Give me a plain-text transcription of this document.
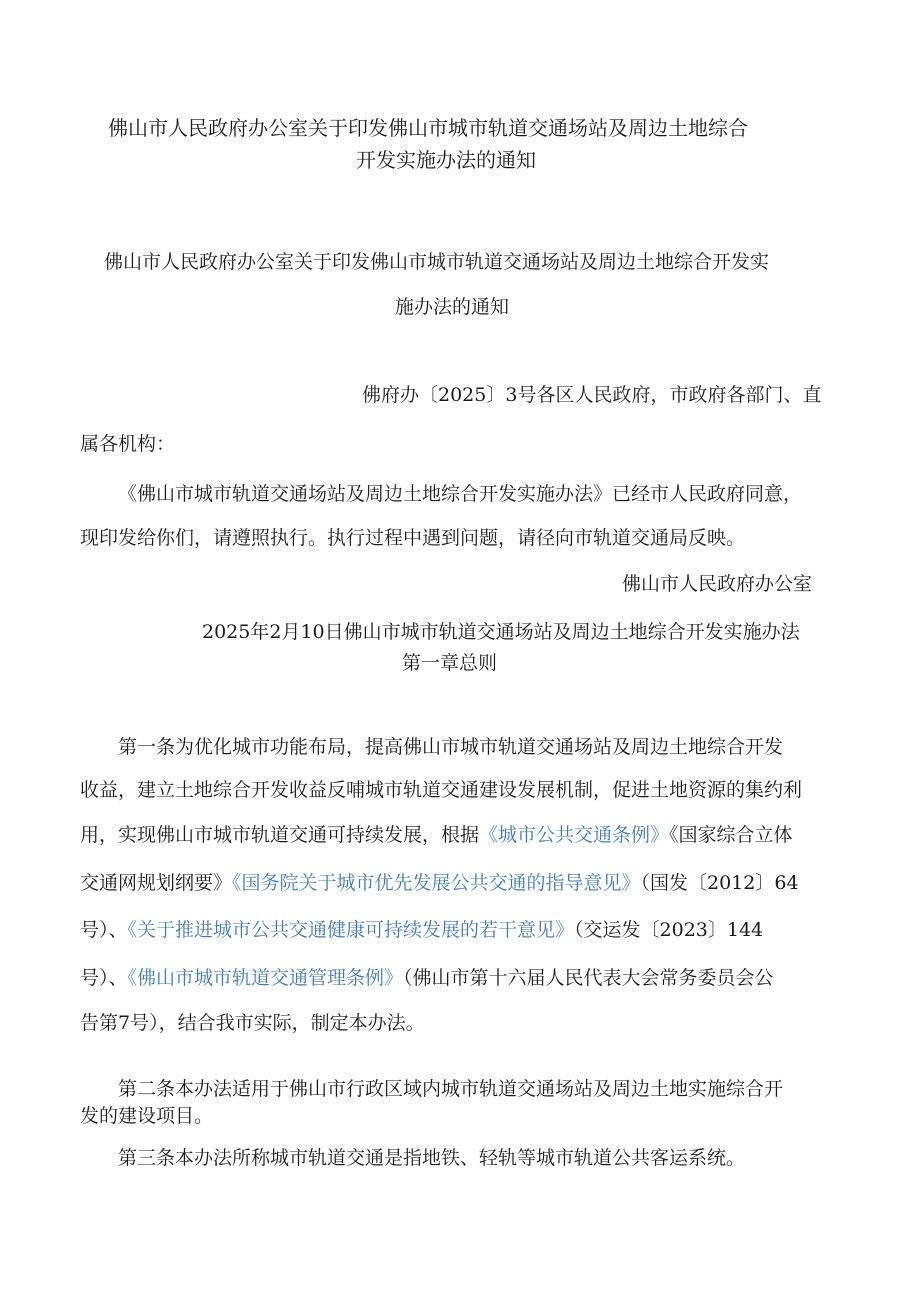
佛山市人民政府办公室关于印发佛山市城市轨道交通场站及周边土地综合
开发实施办法的通知
佛山市人民政府办公室关于印发佛山市城市轨道交通场站及周边土地综合开发实
施办法的通知
佛府办〔2025〕3号各区人民政府，市政府各部门、直
属各机构：
《佛山市城市轨道交通场站及周边土地综合开发实施办法》已经市人民政府同意，
现印发给你们，请遵照执行。执行过程中遇到问题，请径向市轨道交通局反映。
佛山市人民政府办公室
2025年2月10日佛山市城市轨道交通场站及周边土地综合开发实施办法
第一章总则
第一条为优化城市功能布局，提高佛山市城市轨道交通场站及周边土地综合开发
收益，建立土地综合开发收益反哺城市轨道交通建设发展机制，促进土地资源的集约利
用，实现佛山市城市轨道交通可持续发展，根据《城市公共交通条例》《国家综合立体
交通网规划纲要》《国务院关于城市优先发展公共交通的指导意见》（国发〔2012〕64
号）、《关于推进城市公共交通健康可持续发展的若干意见》（交运发〔2023〕144
号）、《佛山市城市轨道交通管理条例》（佛山市第十六届人民代表大会常务委员会公
告第7号），结合我市实际，制定本办法。
第二条本办法适用于佛山市行政区域内城市轨道交通场站及周边土地实施综合开
发的建设项目。
第三条本办法所称城市轨道交通是指地铁、轻轨等城市轨道公共客运系统。
